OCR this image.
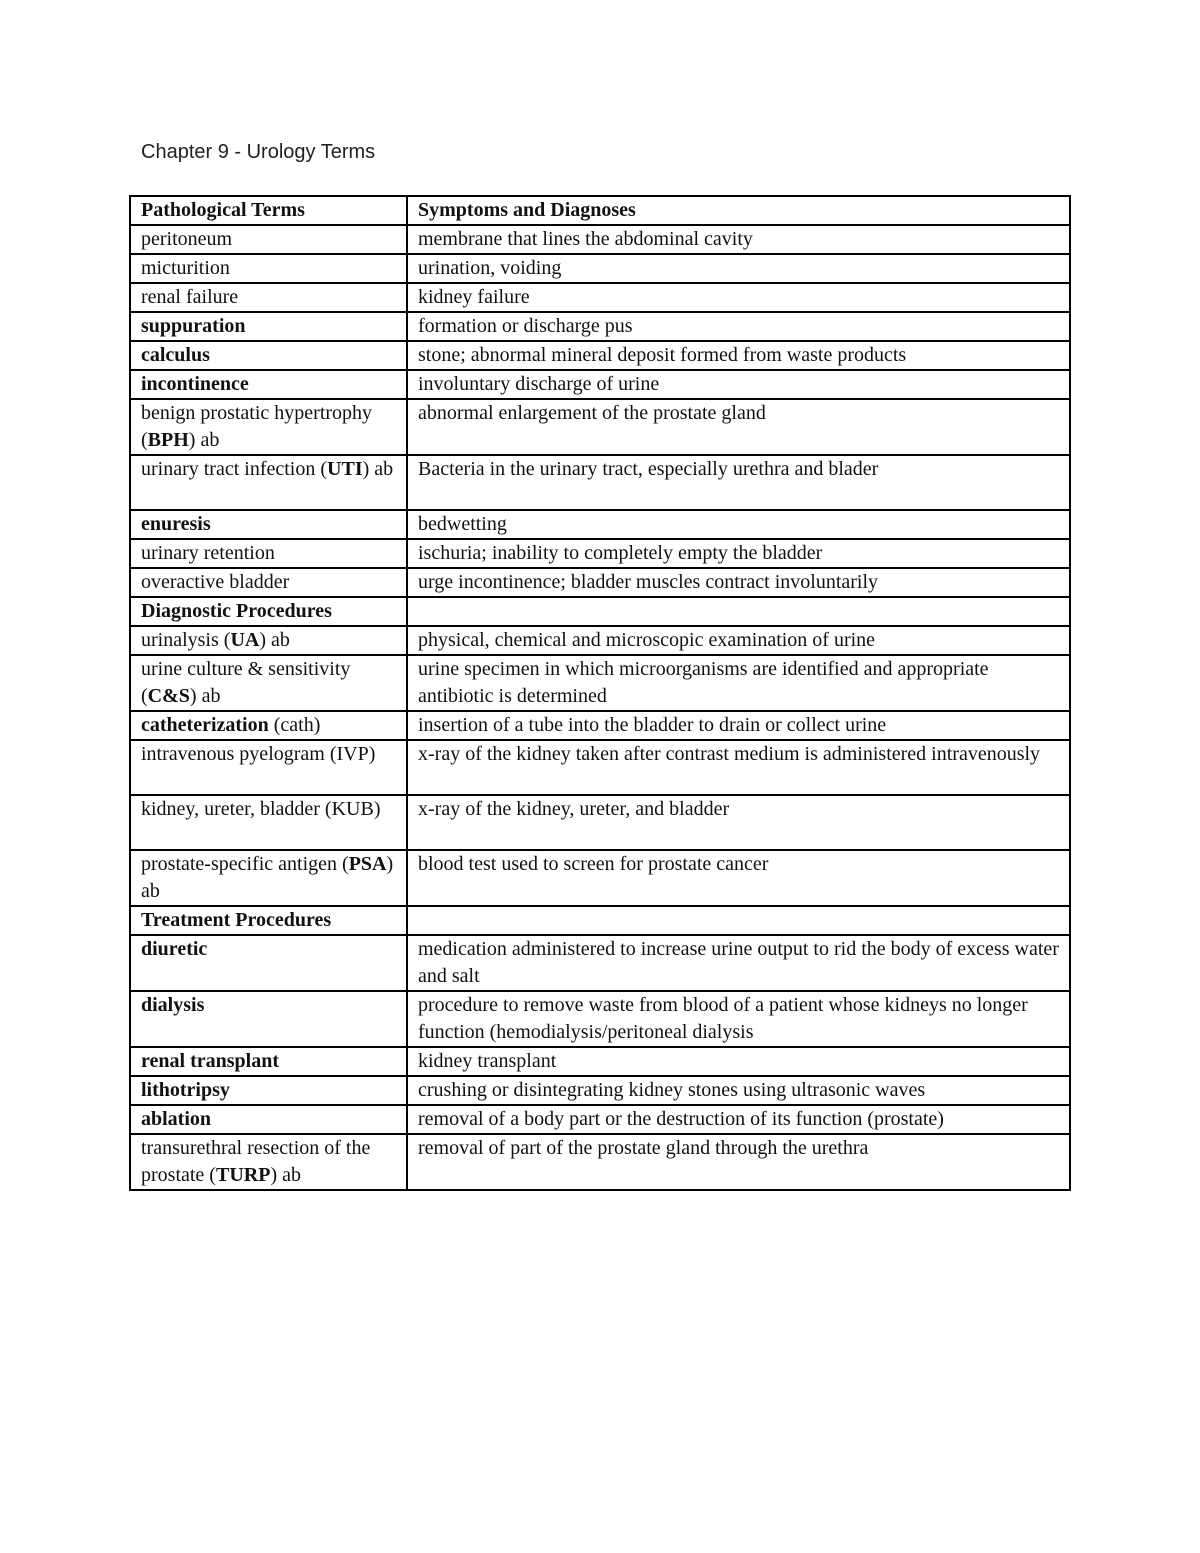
Chapter 9 - Urology Terms
Pathological Terms	Symptoms and Diagnoses
peritoneum	membrane that lines the abdominal cavity
micturition	urination, voiding
renal failure	kidney failure
suppuration	formation or discharge pus
calculus	stone; abnormal mineral deposit formed from waste products
incontinence	involuntary discharge of urine
benign prostatic hypertrophy (BPH) ab	abnormal enlargement of the prostate gland
urinary tract infection (UTI) ab	Bacteria in the urinary tract, especially urethra and blader
enuresis	bedwetting
urinary retention	ischuria; inability to completely empty the bladder
overactive bladder	urge incontinence; bladder muscles contract involuntarily
Diagnostic Procedures	
urinalysis (UA) ab	physical, chemical and microscopic examination of urine
urine culture & sensitivity (C&S) ab	urine specimen in which microorganisms are identified and appropriate antibiotic is determined
catheterization (cath)	insertion of a tube into the bladder to drain or collect urine
intravenous pyelogram (IVP)	x-ray of the kidney taken after contrast medium is administered intravenously
kidney, ureter, bladder (KUB)	x-ray of the kidney, ureter, and bladder
prostate-specific antigen (PSA) ab	blood test used to screen for prostate cancer
Treatment Procedures	
diuretic	medication administered to increase urine output to rid the body of excess water and salt
dialysis	procedure to remove waste from blood of a patient whose kidneys no longer function (hemodialysis/peritoneal dialysis
renal transplant	kidney transplant
lithotripsy	crushing or disintegrating kidney stones using ultrasonic waves
ablation	removal of a body part or the destruction of its function (prostate)
transurethral resection of the prostate (TURP) ab	removal of part of the prostate gland through the urethra
